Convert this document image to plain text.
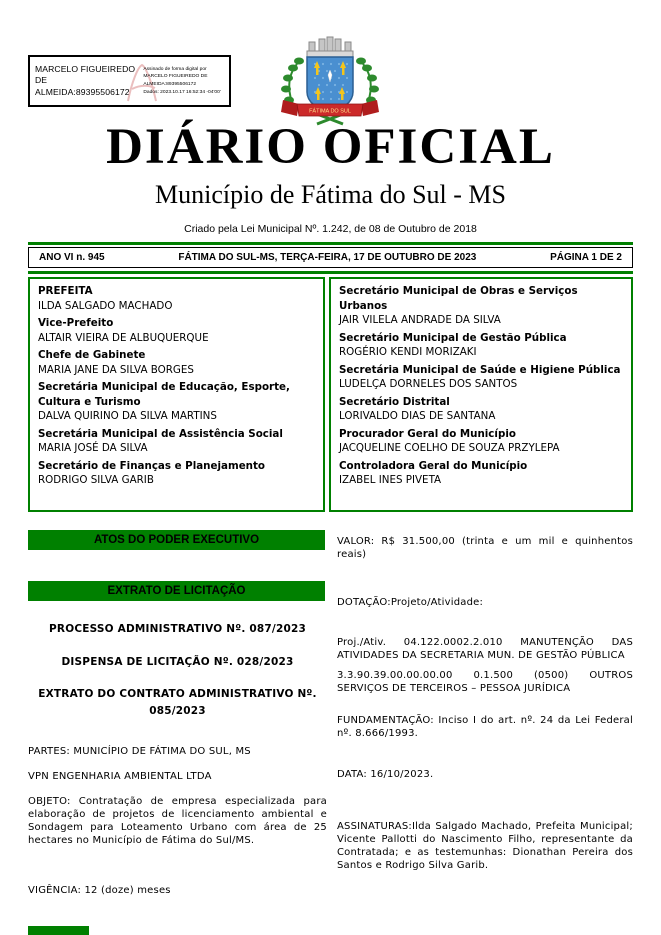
MARCELO FIGUEIREDO DE ALMEIDA:89395506172
Assinado de forma digital por
MARCELO FIGUEIREDO DE
ALMEIDA:89395506172
Dados: 2023.10.17 16:52:34 -04'00'
FÁTIMA DO SUL
DIÁRIO OFICIAL
Município de Fátima do Sul - MS
Criado pela Lei Municipal Nº. 1.242, de 08 de Outubro de 2018
ANO VI n. 945	FÁTIMA DO SUL-MS, TERÇA-FEIRA, 17 DE OUTUBRO DE 2023	PÁGINA 1 DE 2
PREFEITA
ILDA SALGADO MACHADO
Vice-Prefeito
ALTAIR VIEIRA DE ALBUQUERQUE
Chefe de Gabinete
MARIA JANE DA SILVA BORGES
Secretária Municipal de Educação, Esporte, Cultura e Turismo
DALVA QUIRINO DA SILVA MARTINS
Secretária Municipal de Assistência Social
MARIA JOSÉ DA SILVA
Secretário de Finanças e Planejamento
RODRIGO SILVA GARIB
Secretário Municipal de Obras e Serviços Urbanos
JAIR VILELA ANDRADE DA SILVA
Secretário Municipal de Gestão Pública
ROGÉRIO KENDI MORIZAKI
Secretária Municipal de Saúde e Higiene Pública
LUDELÇA DORNELES DOS SANTOS
Secretário Distrital
LORIVALDO DIAS DE SANTANA
Procurador Geral do Município
JACQUELINE COELHO DE SOUZA PRZYLEPA
Controladora Geral do Município
IZABEL INES PIVETA
ATOS DO PODER EXECUTIVO
EXTRATO DE LICITAÇÃO
PROCESSO ADMINISTRATIVO Nº. 087/2023
DISPENSA DE LICITAÇÃO Nº. 028/2023
EXTRATO DO CONTRATO ADMINISTRATIVO Nº. 085/2023
PARTES: MUNICÍPIO DE FÁTIMA DO SUL, MS
VPN ENGENHARIA AMBIENTAL LTDA
OBJETO: Contratação de empresa especializada para elaboração de projetos de licenciamento ambiental e Sondagem para Loteamento Urbano com área de 25 hectares no Município de Fátima do Sul/MS.
VIGÊNCIA: 12 (doze) meses
VALOR: R$ 31.500,00 (trinta e um mil e quinhentos reais)
DOTAÇÃO:Projeto/Atividade:
Proj./Ativ. 04.122.0002.2.010 MANUTENÇÃO DAS ATIVIDADES DA SECRETARIA MUN. DE GESTÃO PÚBLICA
3.3.90.39.00.00.00.00 0.1.500 (0500) OUTROS SERVIÇOS DE TERCEIROS – PESSOA JURÍDICA
FUNDAMENTAÇÃO: Inciso I do art. nº. 24 da Lei Federal nº. 8.666/1993.
DATA: 16/10/2023.
ASSINATURAS:Ilda Salgado Machado, Prefeita Municipal; Vicente Pallotti do Nascimento Filho, representante da Contratada; e as testemunhas: Dionathan Pereira dos Santos e Rodrigo Silva Garib.
